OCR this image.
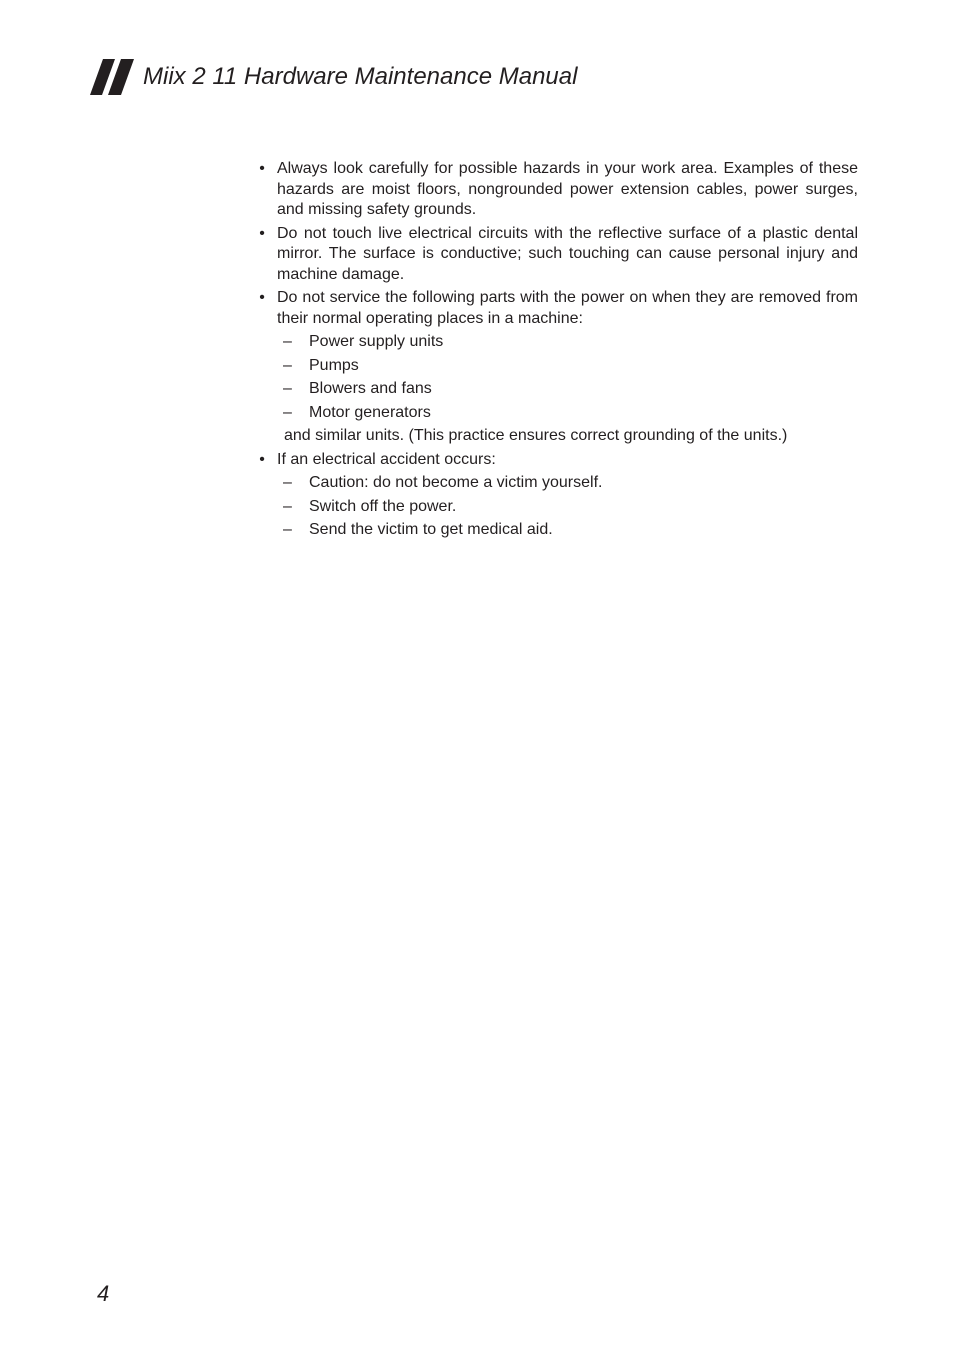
Miix 2 11 Hardware Maintenance Manual
• Always look carefully for possible hazards in your work area. Examples of these hazards are moist floors, nongrounded power extension cables, power surges, and missing safety grounds.
• Do not touch live electrical circuits with the reflective surface of a plastic dental mirror. The surface is conductive; such touching can cause personal injury and machine damage.
• Do not service the following parts with the power on when they are removed from their normal operating places in a machine:
– Power supply units
– Pumps
– Blowers and fans
– Motor generators
and similar units. (This practice ensures correct grounding of the units.)
• If an electrical accident occurs:
– Caution: do not become a victim yourself.
– Switch off the power.
– Send the victim to get medical aid.
4
